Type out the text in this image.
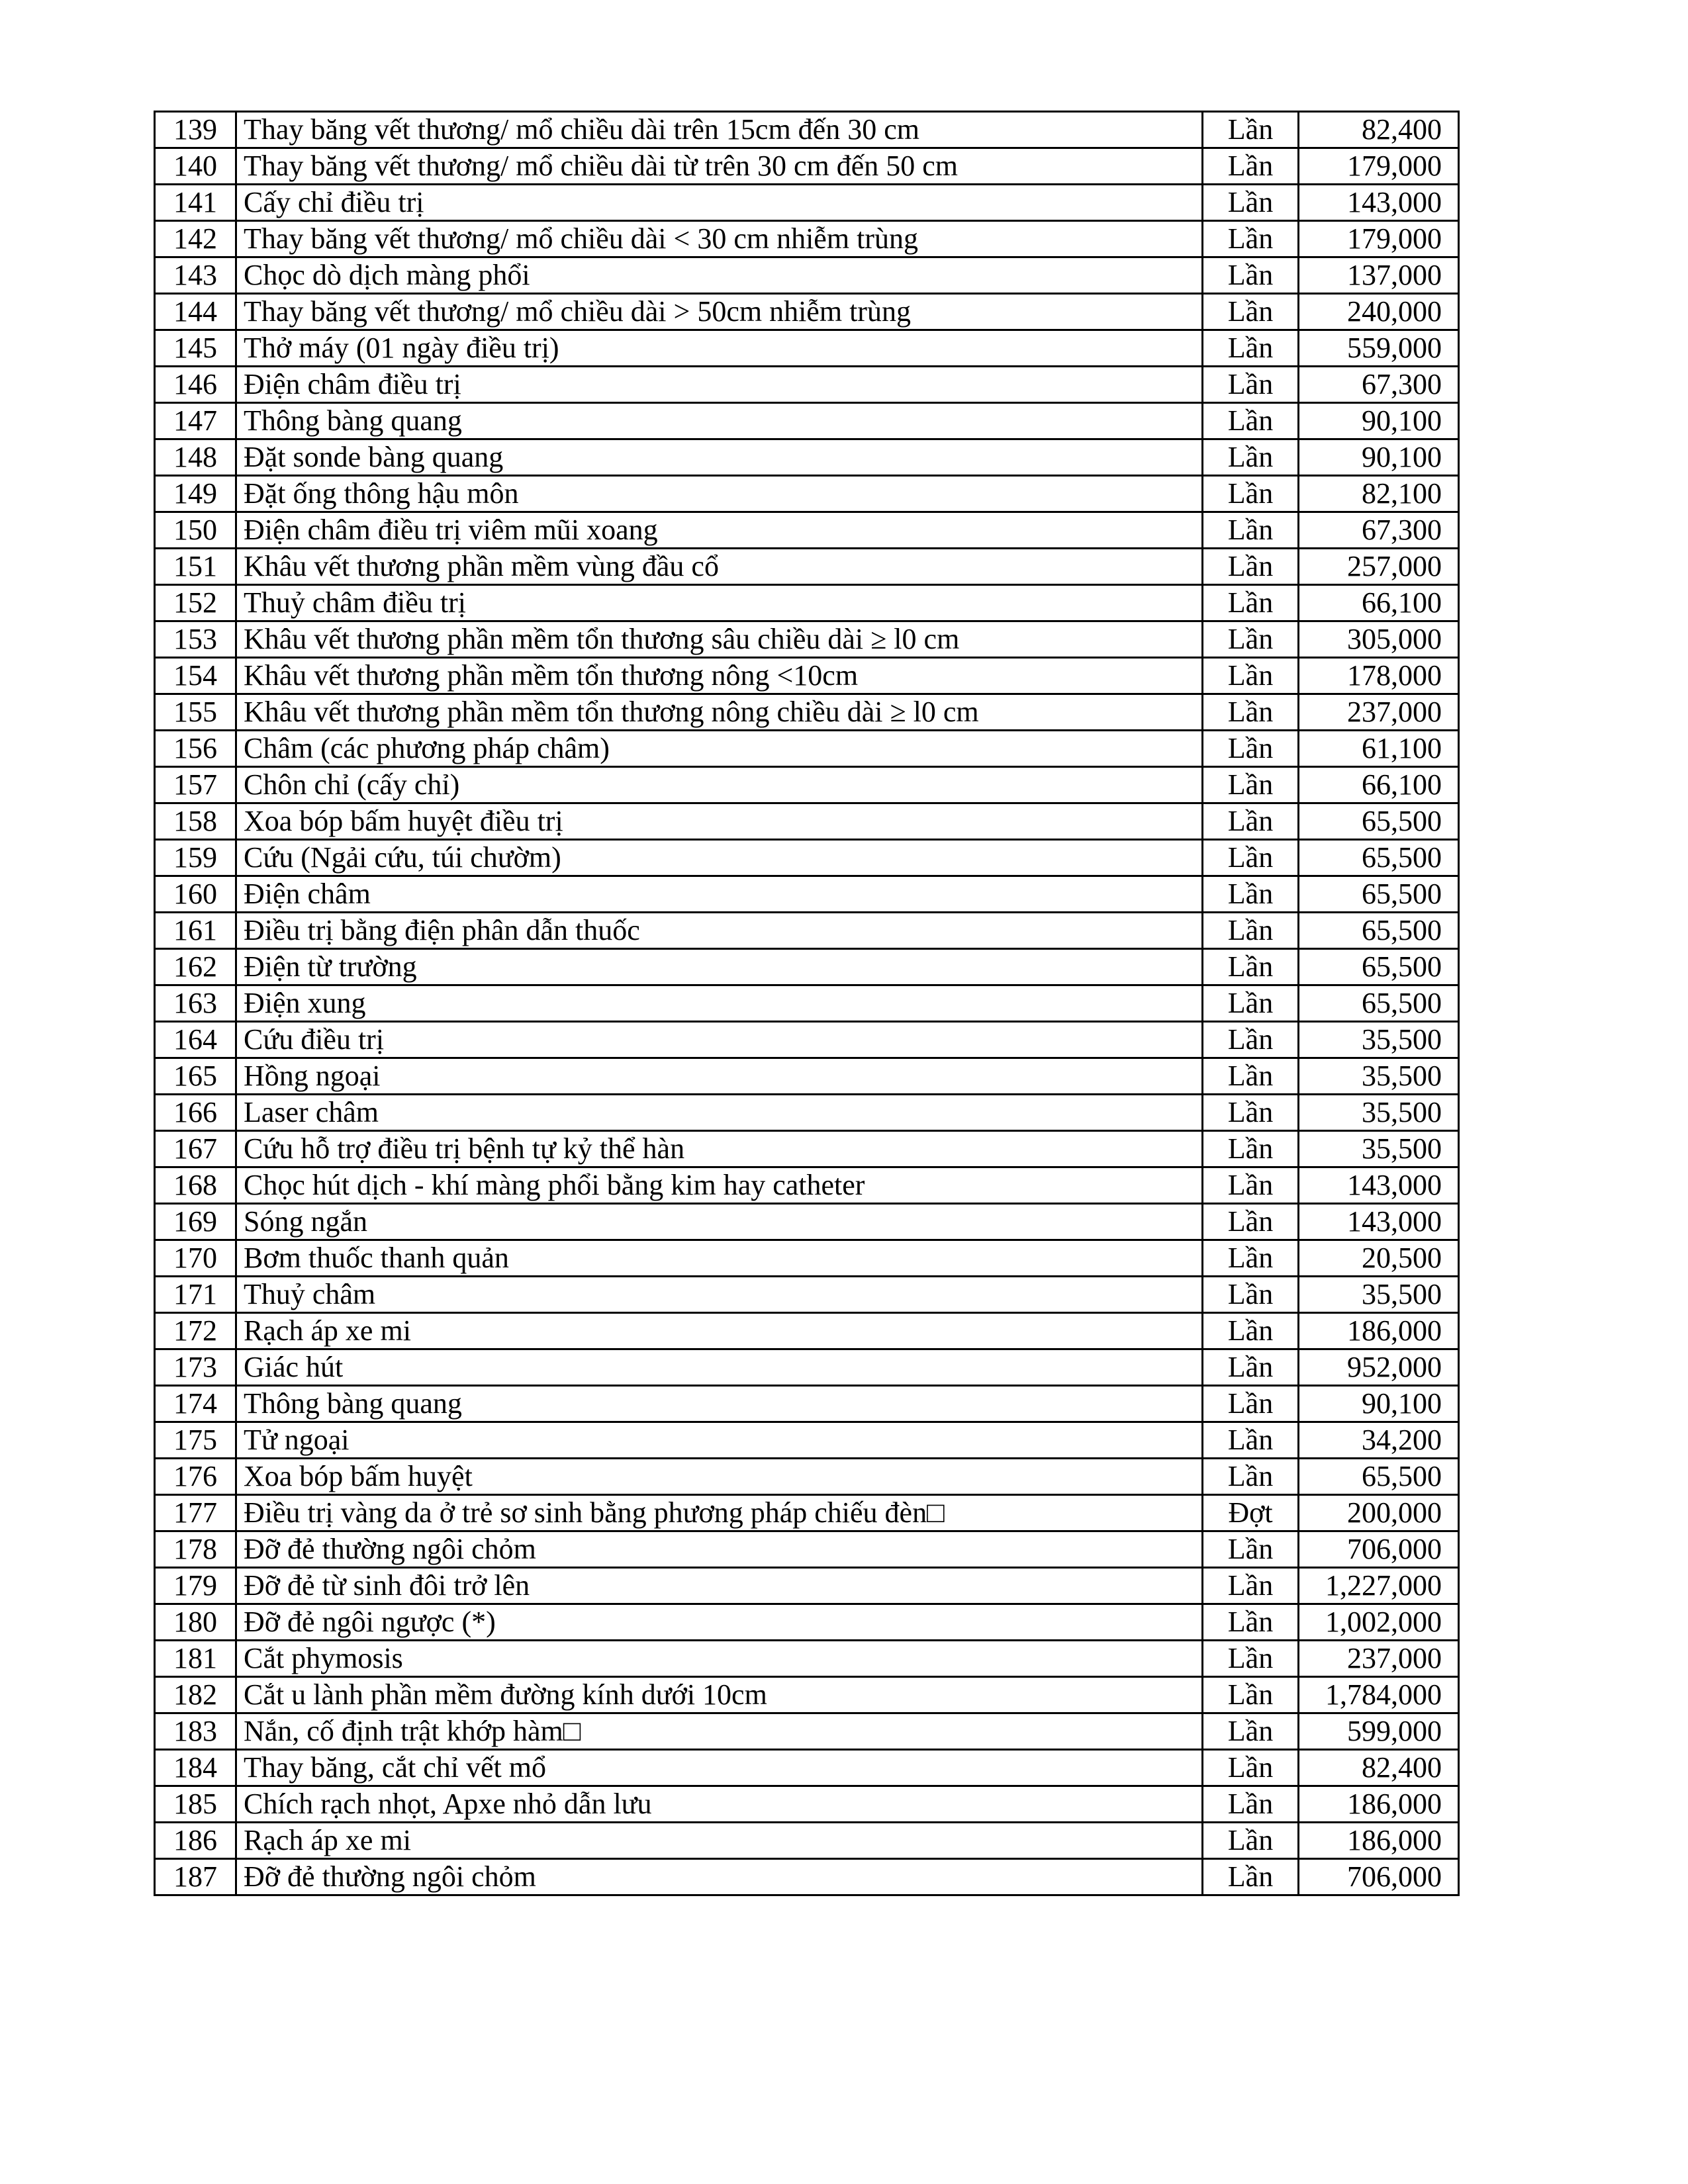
139	Thay băng vết thương/ mổ chiều dài trên 15cm đến 30 cm	Lần	82,400
140	Thay băng vết thương/ mổ chiều dài từ trên 30 cm đến 50 cm	Lần	179,000
141	Cấy chỉ điều trị	Lần	143,000
142	Thay băng vết thương/ mổ chiều dài < 30 cm nhiễm trùng	Lần	179,000
143	Chọc dò dịch màng phổi	Lần	137,000
144	Thay băng vết thương/ mổ chiều dài > 50cm nhiễm trùng	Lần	240,000
145	Thở máy (01 ngày điều trị)	Lần	559,000
146	Điện châm điều trị	Lần	67,300
147	Thông bàng quang	Lần	90,100
148	Đặt sonde bàng quang	Lần	90,100
149	Đặt ống thông hậu môn	Lần	82,100
150	Điện châm điều trị viêm mũi xoang	Lần	67,300
151	Khâu vết thương phần mềm vùng đầu cổ	Lần	257,000
152	Thuỷ châm điều trị	Lần	66,100
153	Khâu vết thương phần mềm tổn thương sâu chiều dài ≥ l0 cm	Lần	305,000
154	Khâu vết thương phần mềm tổn thương nông <10cm	Lần	178,000
155	Khâu vết thương phần mềm tổn thương nông chiều dài ≥ l0 cm	Lần	237,000
156	Châm (các phương pháp châm)	Lần	61,100
157	Chôn chỉ (cấy chỉ)	Lần	66,100
158	Xoa bóp bấm huyệt điều trị	Lần	65,500
159	Cứu (Ngải cứu, túi chườm)	Lần	65,500
160	Điện châm	Lần	65,500
161	Điều trị bằng điện phân dẫn thuốc	Lần	65,500
162	Điện từ trường	Lần	65,500
163	Điện xung	Lần	65,500
164	Cứu điều trị	Lần	35,500
165	Hồng ngoại	Lần	35,500
166	Laser châm	Lần	35,500
167	Cứu hỗ trợ điều trị bệnh tự kỷ thể hàn	Lần	35,500
168	Chọc hút dịch - khí màng phổi bằng kim hay catheter	Lần	143,000
169	Sóng ngắn	Lần	143,000
170	Bơm thuốc thanh quản	Lần	20,500
171	Thuỷ châm	Lần	35,500
172	Rạch áp xe mi	Lần	186,000
173	Giác hút	Lần	952,000
174	Thông bàng quang	Lần	90,100
175	Tử ngoại	Lần	34,200
176	Xoa bóp bấm huyệt	Lần	65,500
177	Điều trị vàng da ở trẻ sơ sinh bằng phương pháp chiếu đèn□	Đợt	200,000
178	Đỡ đẻ thường ngôi chỏm	Lần	706,000
179	Đỡ đẻ từ sinh đôi trở lên	Lần	1,227,000
180	Đỡ đẻ ngôi ngược (*)	Lần	1,002,000
181	Cắt phymosis	Lần	237,000
182	Cắt u lành phần mềm đường kính dưới 10cm	Lần	1,784,000
183	Nắn, cố định trật khớp hàm□	Lần	599,000
184	Thay băng, cắt chỉ vết mổ	Lần	82,400
185	Chích rạch nhọt, Apxe nhỏ dẫn lưu	Lần	186,000
186	Rạch áp xe mi	Lần	186,000
187	Đỡ đẻ thường ngôi chỏm	Lần	706,000
